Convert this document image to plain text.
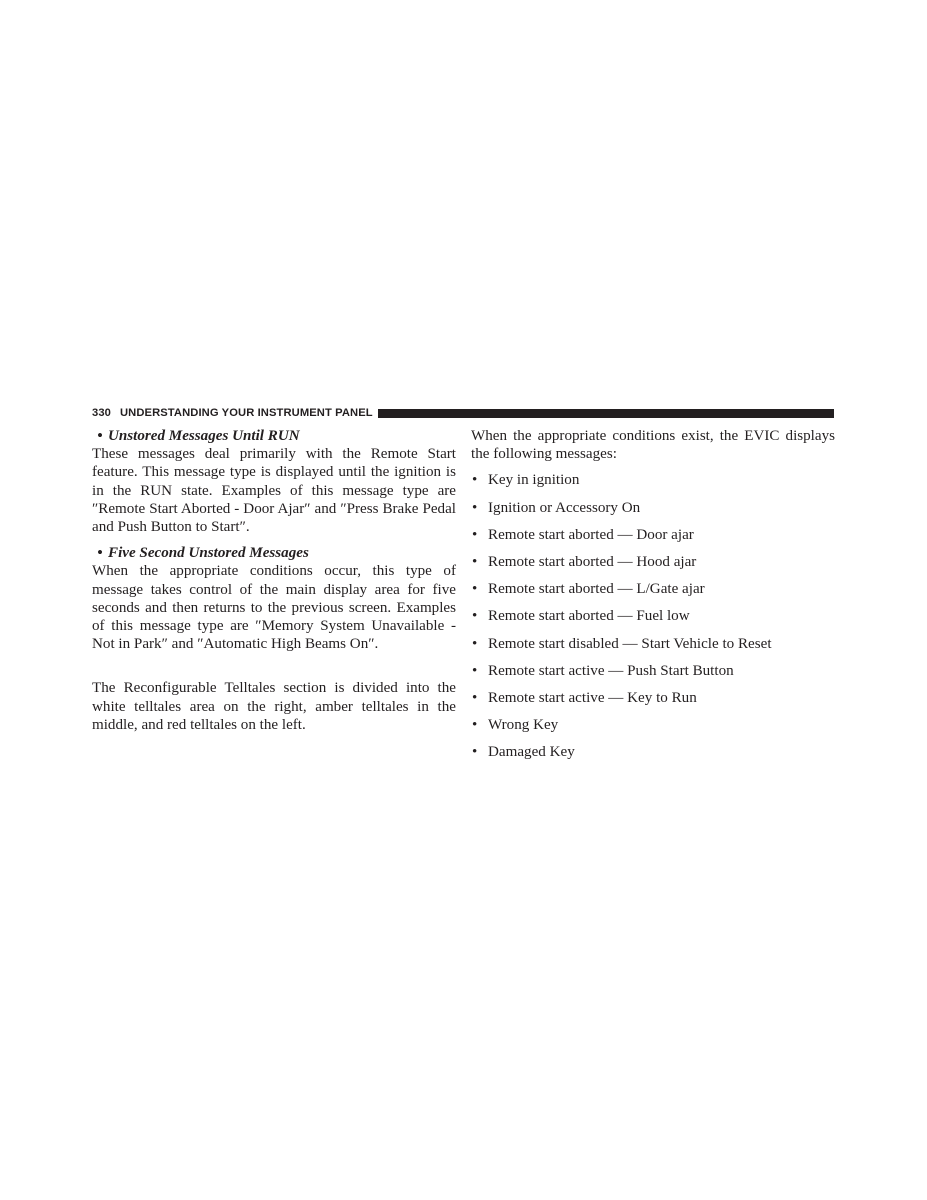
330 UNDERSTANDING YOUR INSTRUMENT PANEL

• Unstored Messages Until RUN

These messages deal primarily with the Remote Start feature. This message type is displayed until the ignition is in the RUN state. Examples of this message type are ″Remote Start Aborted - Door Ajar″ and ″Press Brake Pedal and Push Button to Start″.

• Five Second Unstored Messages

When the appropriate conditions occur, this type of message takes control of the main display area for five seconds and then returns to the previous screen. Examples of this message type are ″Memory System Unavailable - Not in Park″ and ″Automatic High Beams On″.

The Reconfigurable Telltales section is divided into the white telltales area on the right, amber telltales in the middle, and red telltales on the left.

When the appropriate conditions exist, the EVIC displays the following messages:

• Key in ignition
• Ignition or Accessory On
• Remote start aborted — Door ajar
• Remote start aborted — Hood ajar
• Remote start aborted — L/Gate ajar
• Remote start aborted — Fuel low
• Remote start disabled — Start Vehicle to Reset
• Remote start active — Push Start Button
• Remote start active — Key to Run
• Wrong Key
• Damaged Key
